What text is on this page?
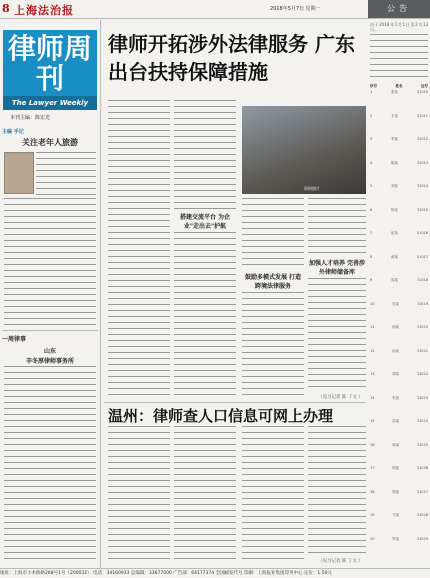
8 上海法治报	2018年5月7日 星期一	公告
律师周刊
The Lawyer Weekly
本刊主编：陈宏光
主编 手记
关注老年人旅游
一周律事
山东
辛冬厚律师事务所
律师开拓涉外法律服务 广东出台扶持保障措施
搭建交流平台 为企业"走出去"护航
资料图片
鼓励多模式发展 打造跨境法律服务
加强人才培养 完善涉外律师储备库
（见习记者 陈 丁文 ）
温州：律师查人口信息可网上办理
（见习记者 陈 丁文 ）
由于2018年1月1日至2月13日...
序号	姓名	证号
1	张某	31010
2	王某	31011
3	李某	31012
4	陈某	31013
5	刘某	31014
6	杨某	31015
7	赵某	31016
8	黄某	31017
9	周某	31018
10	吴某	31019
11	徐某	31020
12	孙某	31021
13	胡某	31022
14	朱某	31023
15	高某	31024
16	林某	31025
17	何某	31026
18	郭某	31027
19	马某	31028
20	罗某	31029
地址：上海市小木桥路268号1号（200032） 电话：34160933 总编辑：33677000 广告部：64177374 全国邮发代号 印刷：上海报业集团印务中心 定价：1.50元
